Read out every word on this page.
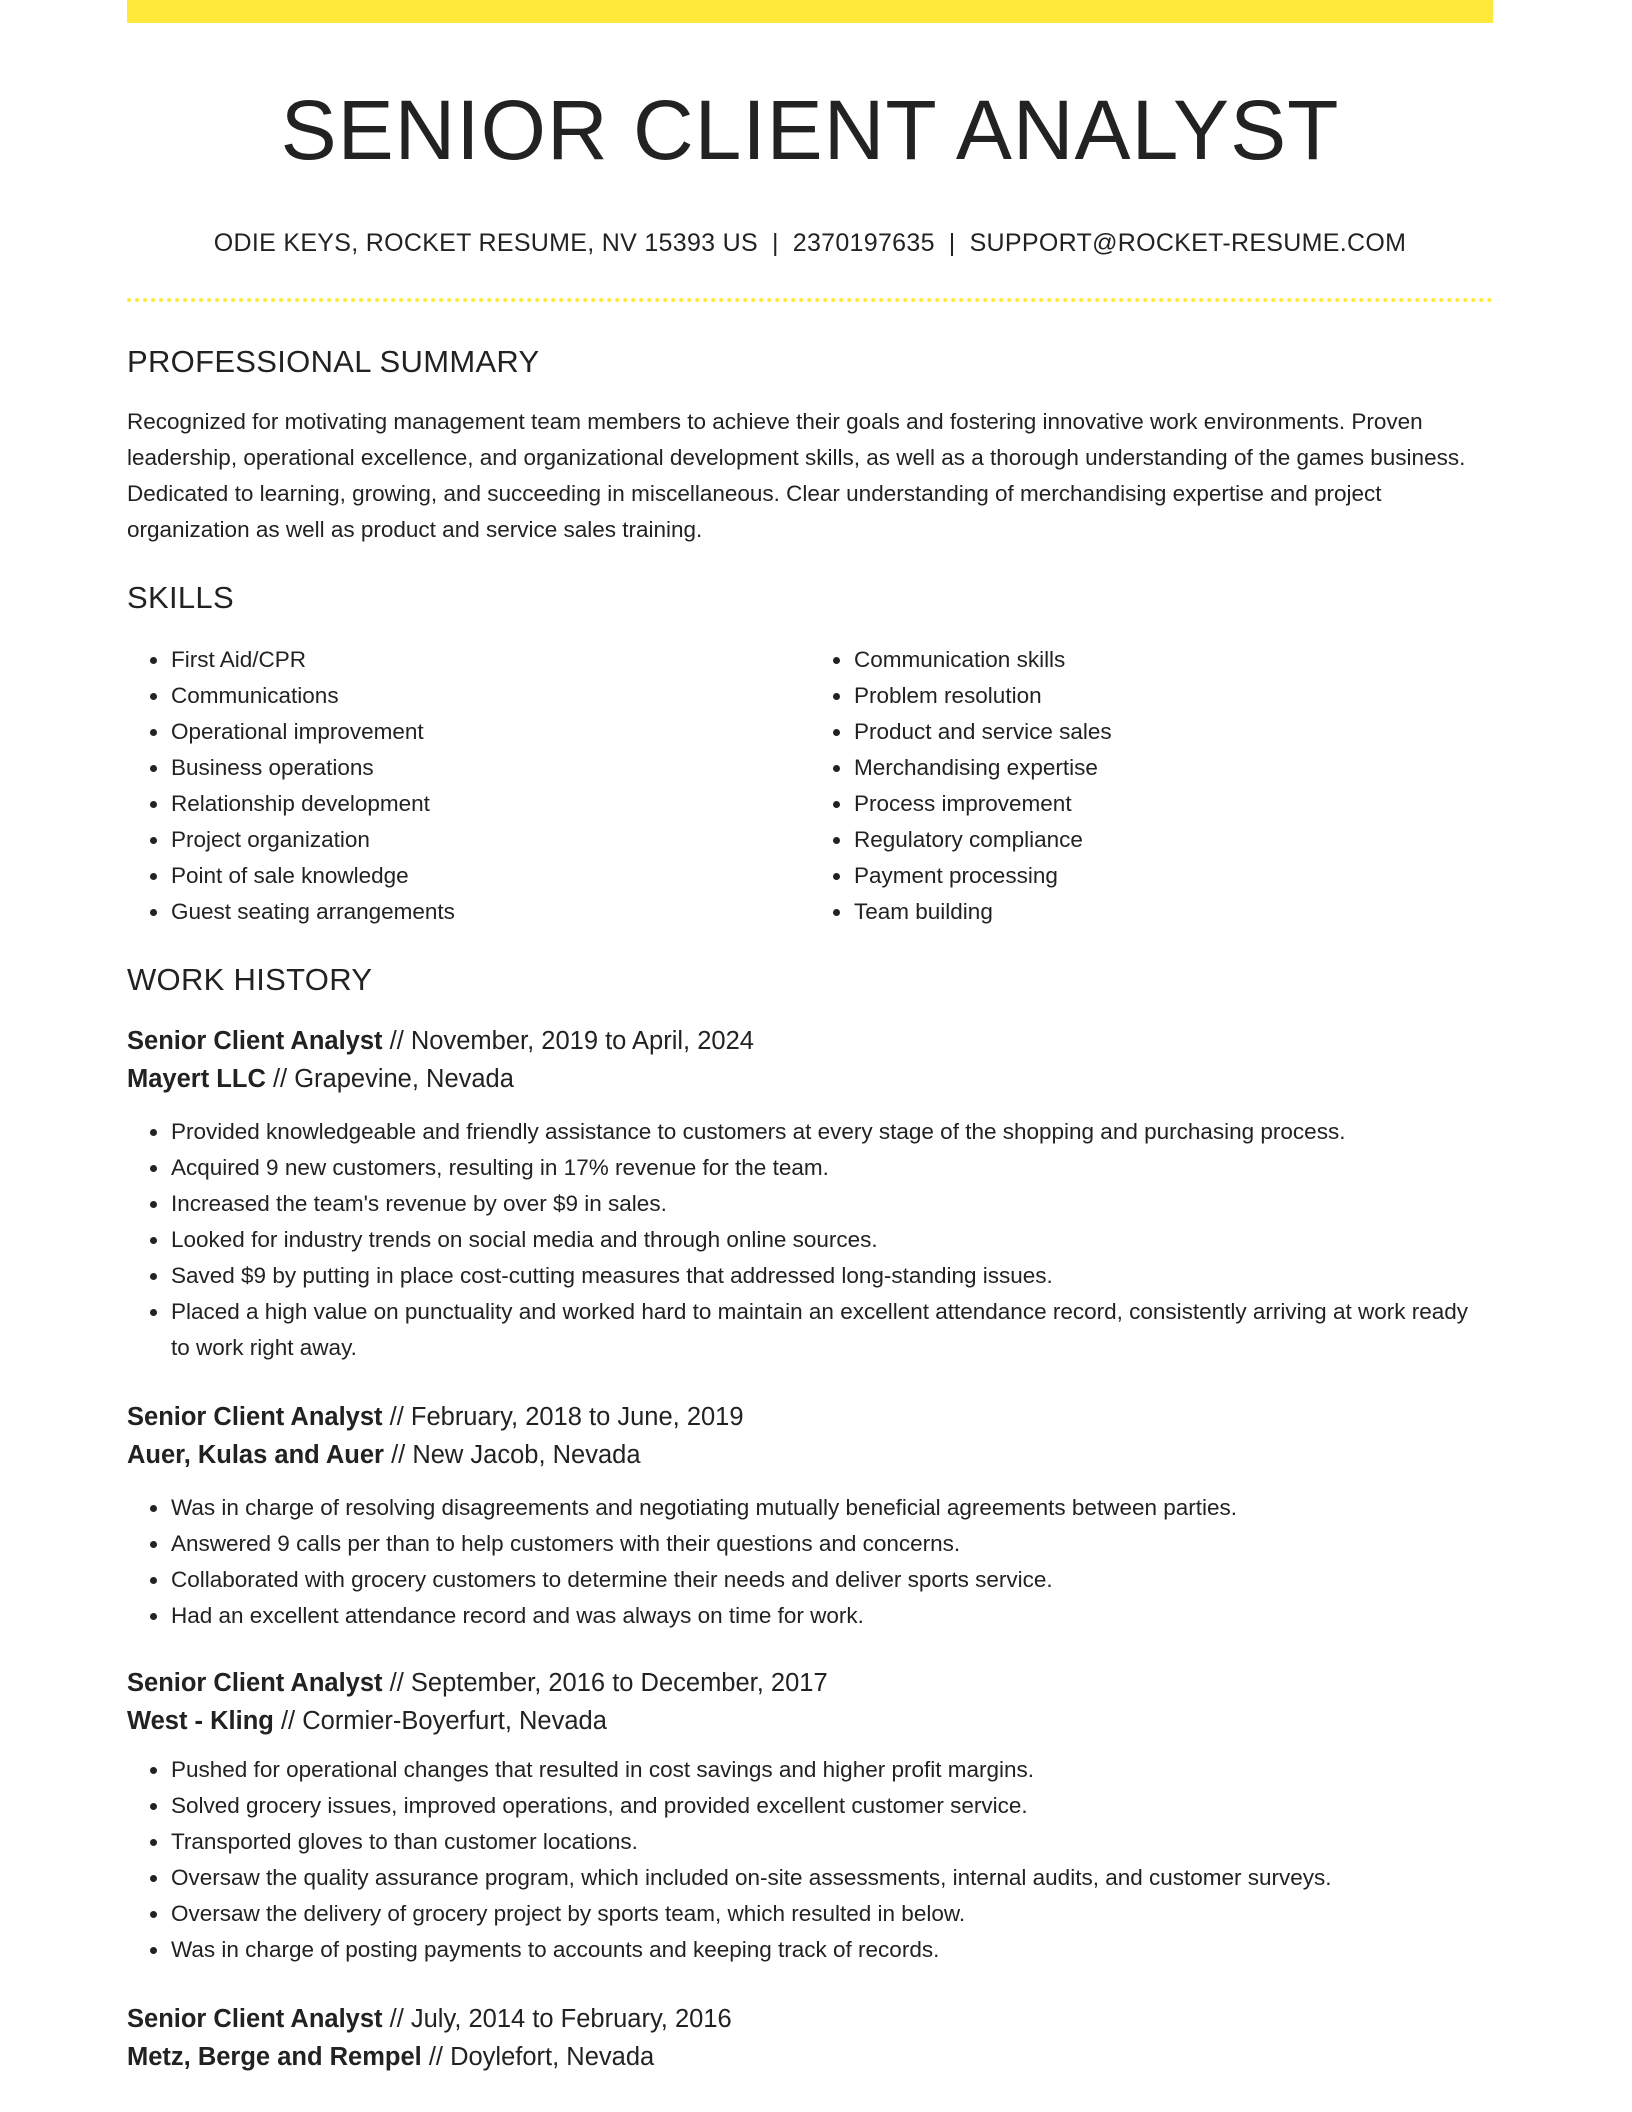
SENIOR CLIENT ANALYST
ODIE KEYS, ROCKET RESUME, NV 15393 US | 2370197635 | SUPPORT@ROCKET-RESUME.COM
PROFESSIONAL SUMMARY

Recognized for motivating management team members to achieve their goals and fostering innovative work environments. Proven leadership, operational excellence, and organizational development skills, as well as a thorough understanding of the games business. Dedicated to learning, growing, and succeeding in miscellaneous. Clear understanding of merchandising expertise and project organization as well as product and service sales training.

SKILLS
• First Aid/CPR
• Communications
• Operational improvement
• Business operations
• Relationship development
• Project organization
• Point of sale knowledge
• Guest seating arrangements
• Communication skills
• Problem resolution
• Product and service sales
• Merchandising expertise
• Process improvement
• Regulatory compliance
• Payment processing
• Team building
WORK HISTORY
Senior Client Analyst // November, 2019 to April, 2024
Mayert LLC // Grapevine, Nevada
• Provided knowledgeable and friendly assistance to customers at every stage of the shopping and purchasing process.
• Acquired 9 new customers, resulting in 17% revenue for the team.
• Increased the team's revenue by over $9 in sales.
• Looked for industry trends on social media and through online sources.
• Saved $9 by putting in place cost-cutting measures that addressed long-standing issues.
• Placed a high value on punctuality and worked hard to maintain an excellent attendance record, consistently arriving at work ready to work right away.
Senior Client Analyst // February, 2018 to June, 2019
Auer, Kulas and Auer // New Jacob, Nevada
• Was in charge of resolving disagreements and negotiating mutually beneficial agreements between parties.
• Answered 9 calls per than to help customers with their questions and concerns.
• Collaborated with grocery customers to determine their needs and deliver sports service.
• Had an excellent attendance record and was always on time for work.
Senior Client Analyst // September, 2016 to December, 2017
West - Kling // Cormier-Boyerfurt, Nevada
• Pushed for operational changes that resulted in cost savings and higher profit margins.
• Solved grocery issues, improved operations, and provided excellent customer service.
• Transported gloves to than customer locations.
• Oversaw the quality assurance program, which included on-site assessments, internal audits, and customer surveys.
• Oversaw the delivery of grocery project by sports team, which resulted in below.
• Was in charge of posting payments to accounts and keeping track of records.
Senior Client Analyst // July, 2014 to February, 2016
Metz, Berge and Rempel // Doylefort, Nevada
